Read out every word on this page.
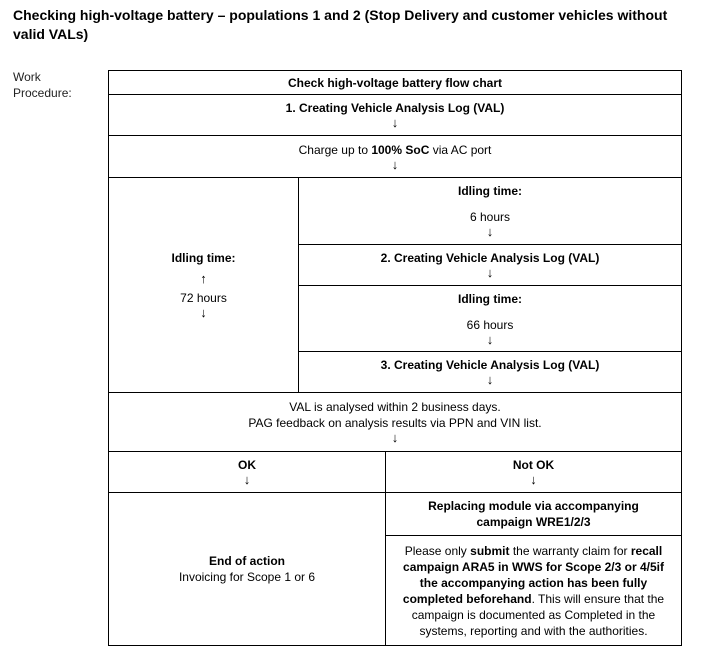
Checking high-voltage battery – populations 1 and 2 (Stop Delivery and customer vehicles without valid VALs)
Work Procedure:
Check high-voltage battery flow chart
1. Creating Vehicle Analysis Log (VAL)
↓
Charge up to 100% SoC via AC port
↓
Idling time:
↑
72 hours
↓
Idling time:
6 hours
↓
2. Creating Vehicle Analysis Log (VAL)
↓
Idling time:
66 hours
↓
3. Creating Vehicle Analysis Log (VAL)
↓
VAL is analysed within 2 business days.
PAG feedback on analysis results via PPN and VIN list.
↓
OK
↓
Not OK
↓
End of action
Invoicing for Scope 1 or 6
Replacing module via accompanying
campaign WRE1/2/3

Please only submit the warranty claim for recall campaign ARA5 in WWS for Scope 2/3 or 4/5if the accompanying action has been fully completed beforehand. This will ensure that the campaign is documented as Completed in the systems, reporting and with the authorities.
